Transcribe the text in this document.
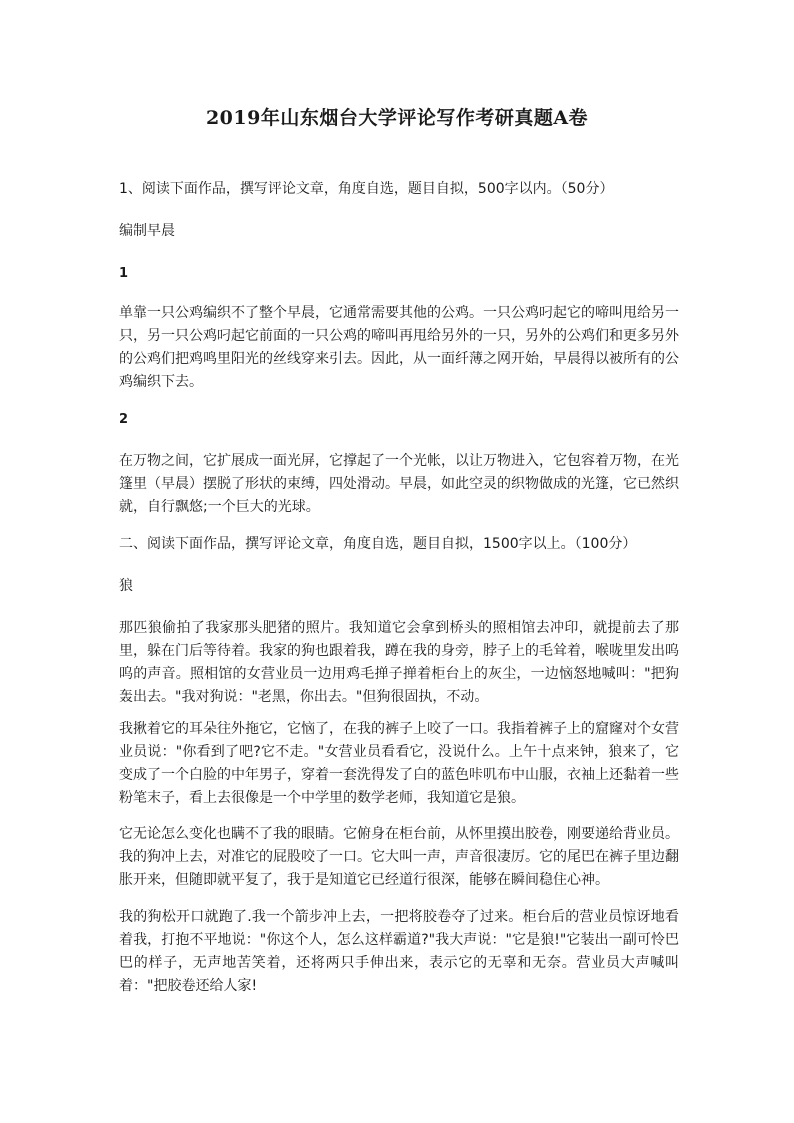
2019年山东烟台大学评论写作考研真题A卷

1、阅读下面作品，撰写评论文章，角度自选，题目自拟，500字以内。（50分）

编制早晨

1

单靠一只公鸡编织不了整个早晨，它通常需要其他的公鸡。一只公鸡叼起它的啼叫甩给另一只，另一只公鸡叼起它前面的一只公鸡的啼叫再甩给另外的一只，另外的公鸡们和更多另外的公鸡们把鸡鸣里阳光的丝线穿来引去。因此，从一面纤薄之网开始，早晨得以被所有的公鸡编织下去。

2

在万物之间，它扩展成一面光屏，它撑起了一个光帐，以让万物进入，它包容着万物，在光篷里（早晨）摆脱了形状的束缚，四处滑动。早晨，如此空灵的织物做成的光篷，它已然织就，自行飘悠;一个巨大的光球。

二、阅读下面作品，撰写评论文章，角度自选，题目自拟，1500字以上。（100分）

狼

那匹狼偷拍了我家那头肥猪的照片。我知道它会拿到桥头的照相馆去冲印，就提前去了那里，躲在门后等待着。我家的狗也跟着我，蹲在我的身旁，脖子上的毛耸着，喉咙里发出呜呜的声音。照相馆的女营业员一边用鸡毛掸子掸着柜台上的灰尘，一边恼怒地喊叫："把狗轰出去。"我对狗说："老黑，你出去。"但狗很固执，不动。

我揪着它的耳朵往外拖它，它恼了，在我的裤子上咬了一口。我指着裤子上的窟窿对个女营业员说："你看到了吧?它不走。"女营业员看看它，没说什么。上午十点来钟，狼来了，它变成了一个白脸的中年男子，穿着一套洗得发了白的蓝色咔叽布中山服，衣袖上还黏着一些粉笔末子，看上去很像是一个中学里的数学老师，我知道它是狼。

它无论怎么变化也瞒不了我的眼睛。它俯身在柜台前，从怀里摸出胶卷，刚要递给背业员。我的狗冲上去，对准它的屁股咬了一口。它大叫一声，声音很凄厉。它的尾巴在裤子里边翻胀开来，但随即就平复了，我于是知道它已经道行很深，能够在瞬间稳住心神。

我的狗松开口就跑了.我一个箭步冲上去，一把将胶卷夺了过来。柜台后的营业员惊讶地看着我，打抱不平地说："你这个人，怎么这样霸道?"我大声说："它是狼!"它装出一副可怜巴巴的样子，无声地苦笑着，还将两只手伸出来，表示它的无辜和无奈。营业员大声喊叫着："把胶卷还给人家!
